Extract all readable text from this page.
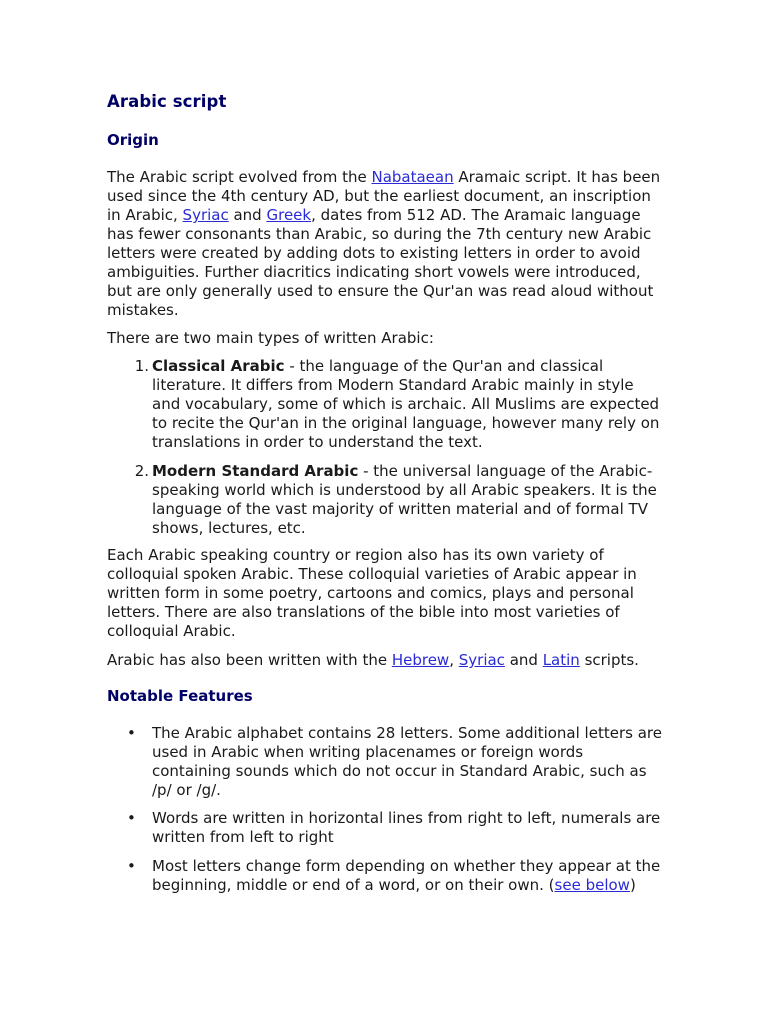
Arabic script
Origin
The Arabic script evolved from the Nabataean Aramaic script. It has been used since the 4th century AD, but the earliest document, an inscription in Arabic, Syriac and Greek, dates from 512 AD. The Aramaic language has fewer consonants than Arabic, so during the 7th century new Arabic letters were created by adding dots to existing letters in order to avoid ambiguities. Further diacritics indicating short vowels were introduced, but are only generally used to ensure the Qur'an was read aloud without mistakes.
There are two main types of written Arabic:
1. Classical Arabic - the language of the Qur'an and classical literature. It differs from Modern Standard Arabic mainly in style and vocabulary, some of which is archaic. All Muslims are expected to recite the Qur'an in the original language, however many rely on translations in order to understand the text.
2. Modern Standard Arabic - the universal language of the Arabic-speaking world which is understood by all Arabic speakers. It is the language of the vast majority of written material and of formal TV shows, lectures, etc.
Each Arabic speaking country or region also has its own variety of colloquial spoken Arabic. These colloquial varieties of Arabic appear in written form in some poetry, cartoons and comics, plays and personal letters. There are also translations of the bible into most varieties of colloquial Arabic.
Arabic has also been written with the Hebrew, Syriac and Latin scripts.
Notable Features
• The Arabic alphabet contains 28 letters. Some additional letters are used in Arabic when writing placenames or foreign words containing sounds which do not occur in Standard Arabic, such as /p/ or /g/.
• Words are written in horizontal lines from right to left, numerals are written from left to right
• Most letters change form depending on whether they appear at the beginning, middle or end of a word, or on their own. (see below)
